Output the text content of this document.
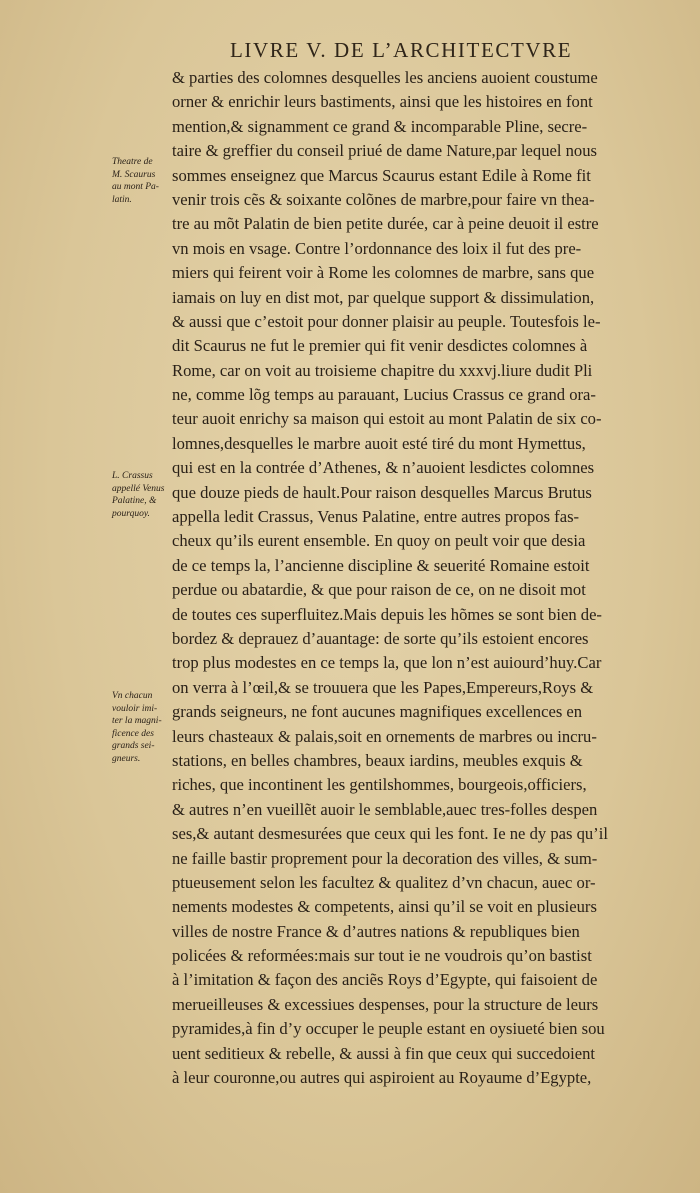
LIVRE V. DE L’ARCHITECTVRE
& parties des colomnes desquelles les anciens auoient coustume
orner & enrichir leurs bastiments, ainsi que les histoires en font
mention,& signamment ce grand & incomparable Pline, secre-
taire & greffier du conseil priué de dame Nature,par lequel nous
sommes enseignez que Marcus Scaurus estant Edile à Rome fit
venir trois cẽs & soixante colõnes de marbre,pour faire vn thea-
tre au mõt Palatin de bien petite durée, car à peine deuoit il estre
vn mois en vsage. Contre l’ordonnance des loix il fut des pre-
miers qui feirent voir à Rome les colomnes de marbre, sans que
iamais on luy en dist mot, par quelque support & dissimulation,
& aussi que c’estoit pour donner plaisir au peuple. Toutesfois le-
dit Scaurus ne fut le premier qui fit venir desdictes colomnes à
Rome, car on voit au troisieme chapitre du xxxvj.liure dudit Pli
ne, comme lõg temps au parauant, Lucius Crassus ce grand ora-
teur auoit enrichy sa maison qui estoit au mont Palatin de six co-
lomnes,desquelles le marbre auoit esté tiré du mont Hymettus,
qui est en la contrée d’Athenes, & n’auoient lesdictes colomnes
que douze pieds de hault.Pour raison desquelles Marcus Brutus
appella ledit Crassus, Venus Palatine, entre autres propos fas-
cheux qu’ils eurent ensemble. En quoy on peult voir que desia
de ce temps la, l’ancienne discipline & seuerité Romaine estoit
perdue ou abatardie, & que pour raison de ce, on ne disoit mot
de toutes ces superfluitez.Mais depuis les hõmes se sont bien de-
bordez & deprauez d’auantage: de sorte qu’ils estoient encores
trop plus modestes en ce temps la, que lon n’est auiourd’huy.Car
on verra à l’œil,& se trouuera que les Papes,Empereurs,Roys &
grands seigneurs, ne font aucunes magnifiques excellences en
leurs chasteaux & palais,soit en ornements de marbres ou incru-
stations, en belles chambres, beaux iardins, meubles exquis &
riches, que incontinent les gentilshommes, bourgeois,officiers,
& autres n’en vueillẽt auoir le semblable,auec tres-folles despen
ses,& autant desmesurées que ceux qui les font. Ie ne dy pas qu’il
ne faille bastir proprement pour la decoration des villes, & sum-
ptueusement selon les facultez & qualitez d’vn chacun, auec or-
nements modestes & competents, ainsi qu’il se voit en plusieurs
villes de nostre France & d’autres nations & republiques bien
policées & reformées:mais sur tout ie ne voudrois qu’on bastist
à l’imitation & façon des anciẽs Roys d’Egypte, qui faisoient de
merueilleuses & excessiues despenses, pour la structure de leurs
pyramides,à fin d’y occuper le peuple estant en oysiueté bien sou
uent seditieux & rebelle, & aussi à fin que ceux qui succedoient
à leur couronne,ou autres qui aspiroient au Royaume d’Egypte,
Theatre de
M. Scaurus
au mont Pa-
latin.
L. Crassus
appellé Venus
Palatine, &
pourquoy.
Vn chacun
vouloir imi-
ter la magni-
ficence des
grands sei-
gneurs.
